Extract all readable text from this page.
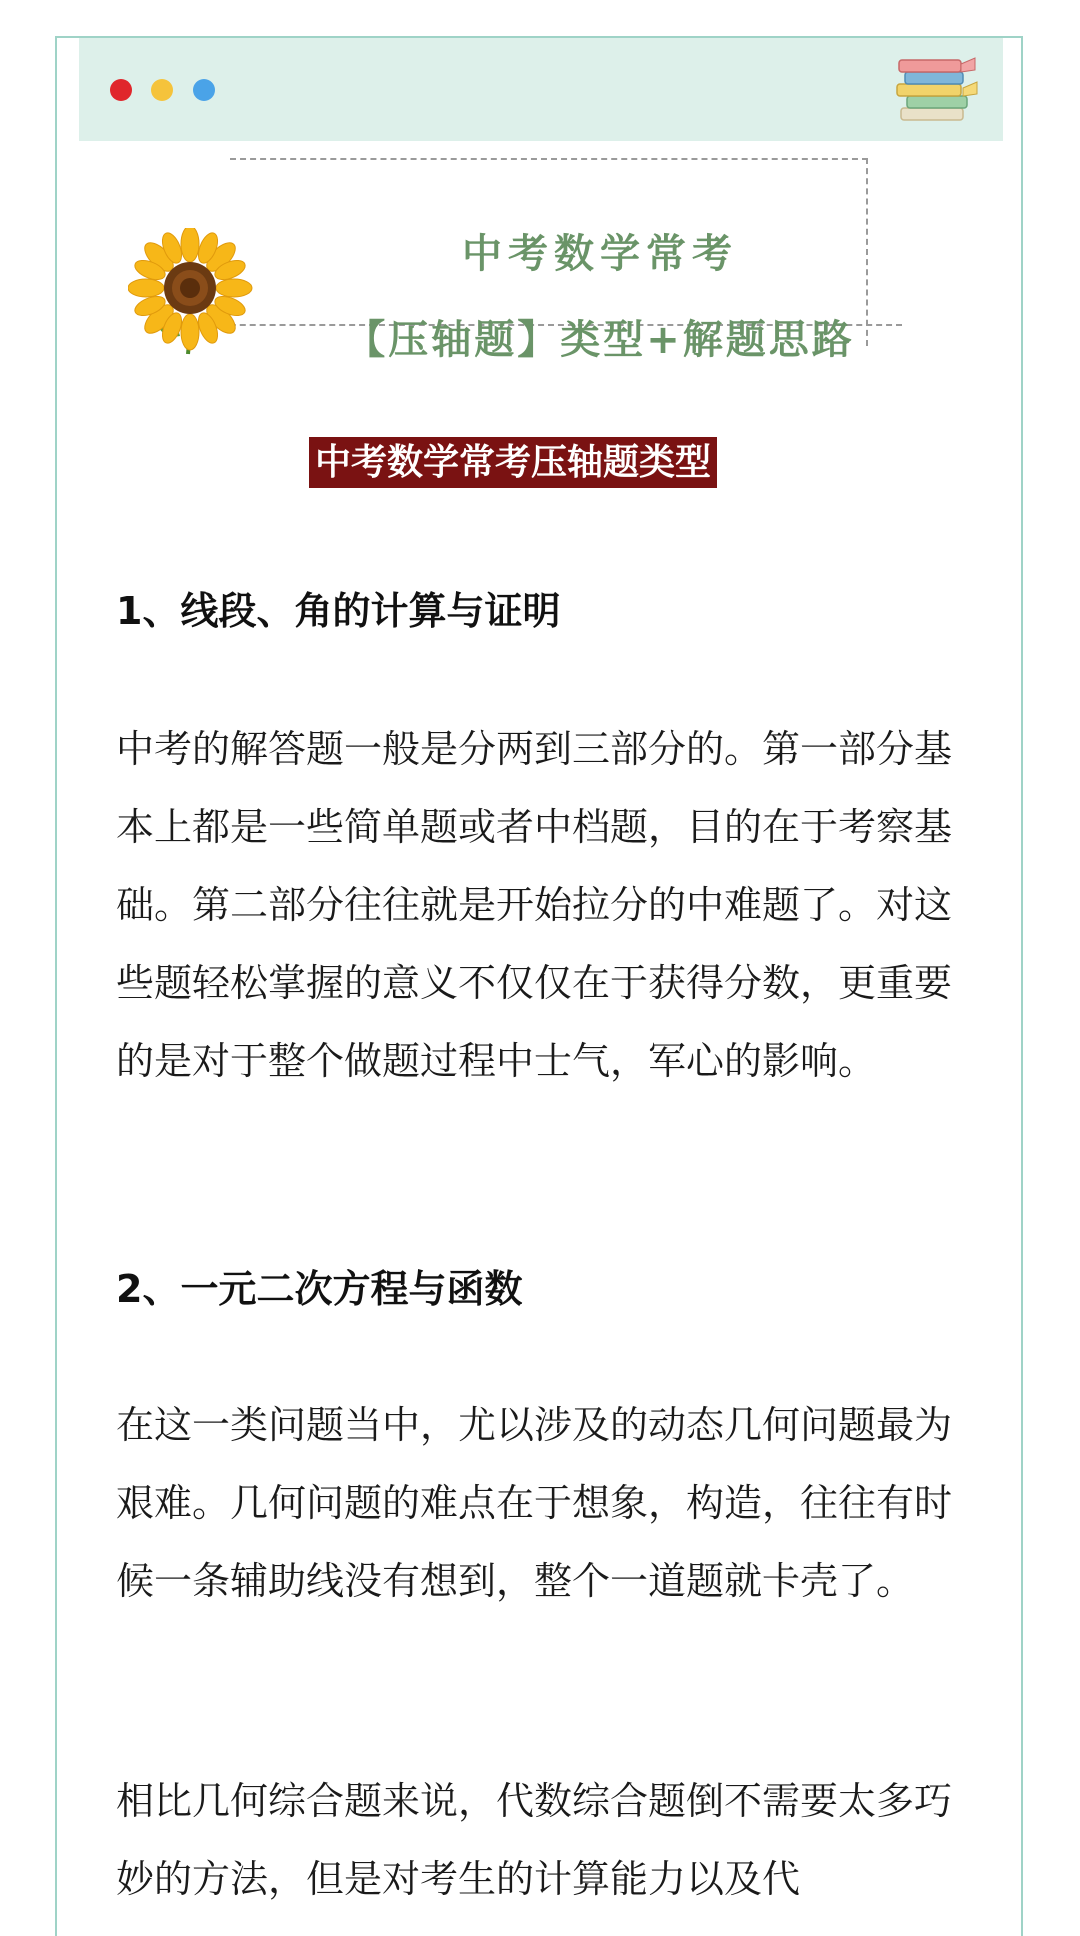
中考数学常考
【压轴题】类型+解题思路
中考数学常考压轴题类型
1、线段、角的计算与证明

中考的解答题一般是分两到三部分的。第一部分基本上都是一些简单题或者中档题，目的在于考察基础。第二部分往往就是开始拉分的中难题了。对这些题轻松掌握的意义不仅仅在于获得分数，更重要的是对于整个做题过程中士气，军心的影响。

2、一元二次方程与函数

在这一类问题当中，尤以涉及的动态几何问题最为艰难。几何问题的难点在于想象，构造，往往有时候一条辅助线没有想到，整个一道题就卡壳了。

相比几何综合题来说，代数综合题倒不需要太多巧妙的方法，但是对考生的计算能力以及代
